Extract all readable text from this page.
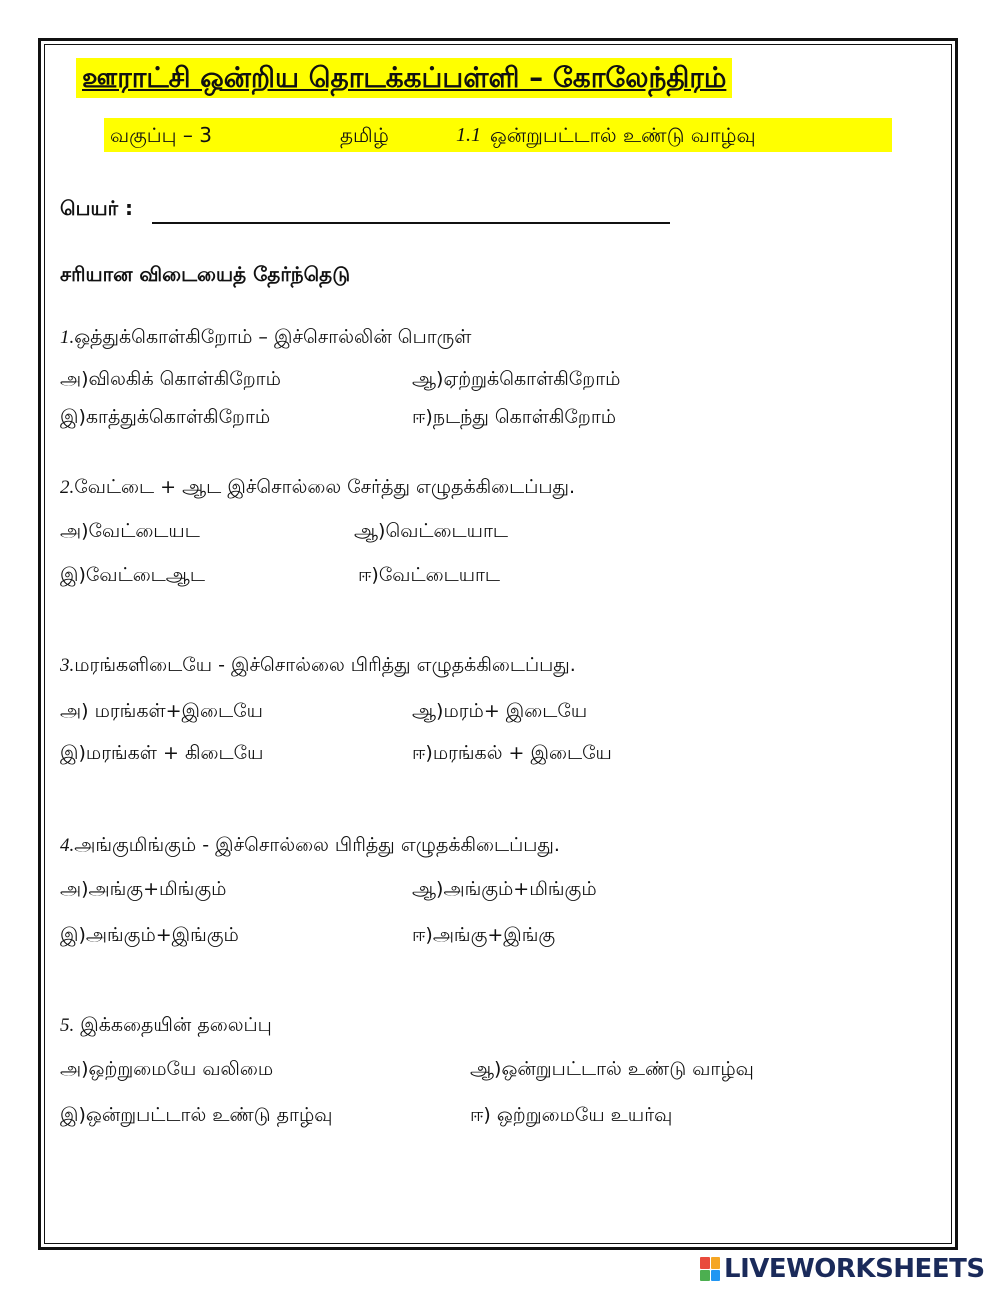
ஊராட்சி ஒன்றிய தொடக்கப்பள்ளி – கோலேந்திரம்
வகுப்பு – 3	தமிழ்	1.1 ஒன்றுபட்டால் உண்டு வாழ்வு
பெயர் :
சரியான விடையைத் தேர்ந்தெடு
1.ஒத்துக்கொள்கிறோம் – இச்சொல்லின் பொருள்
அ)விலகிக் கொள்கிறோம்	ஆ)ஏற்றுக்கொள்கிறோம்
இ)காத்துக்கொள்கிறோம்	ஈ)நடந்து கொள்கிறோம்
2.வேட்டை + ஆட இச்சொல்லை சேர்த்து எழுதக்கிடைப்பது.
அ)வேட்டையட	ஆ)வெட்டையாட
இ)வேட்டைஆட	ஈ)வேட்டையாட
3.மரங்களிடையே - இச்சொல்லை பிரித்து எழுதக்கிடைப்பது.
அ) மரங்கள்+இடையே	ஆ)மரம்+ இடையே
இ)மரங்கள் + கிடையே	ஈ)மரங்கல் + இடையே
4.அங்குமிங்கும் - இச்சொல்லை பிரித்து எழுதக்கிடைப்பது.
அ)அங்கு+மிங்கும்	ஆ)அங்கும்+மிங்கும்
இ)அங்கும்+இங்கும்	ஈ)அங்கு+இங்கு
5. இக்கதையின் தலைப்பு
அ)ஒற்றுமையே வலிமை	ஆ)ஒன்றுபட்டால் உண்டு வாழ்வு
இ)ஒன்றுபட்டால் உண்டு தாழ்வு	ஈ) ஒற்றுமையே உயர்வு
LIVEWORKSHEETS
